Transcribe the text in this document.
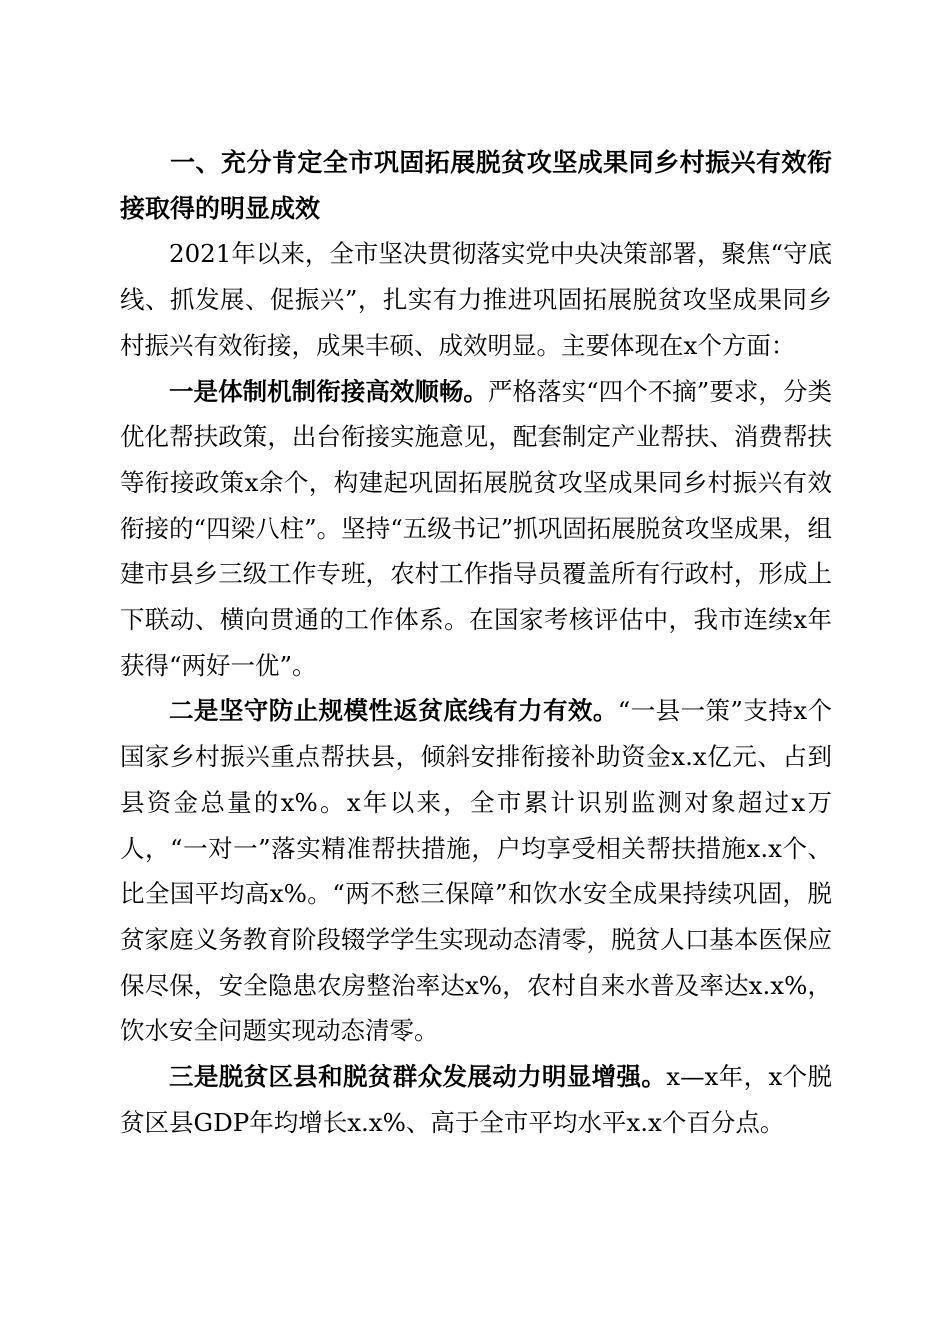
一、充分肯定全市巩固拓展脱贫攻坚成果同乡村振兴有效衔接取得的明显成效

2021年以来，全市坚决贯彻落实党中央决策部署，聚焦“守底线、抓发展、促振兴”，扎实有力推进巩固拓展脱贫攻坚成果同乡村振兴有效衔接，成果丰硕、成效明显。主要体现在x个方面：

一是体制机制衔接高效顺畅。严格落实“四个不摘”要求，分类优化帮扶政策，出台衔接实施意见，配套制定产业帮扶、消费帮扶等衔接政策x余个，构建起巩固拓展脱贫攻坚成果同乡村振兴有效衔接的“四梁八柱”。坚持“五级书记”抓巩固拓展脱贫攻坚成果，组建市县乡三级工作专班，农村工作指导员覆盖所有行政村，形成上下联动、横向贯通的工作体系。在国家考核评估中，我市连续x年获得“两好一优”。

二是坚守防止规模性返贫底线有力有效。“一县一策”支持x个国家乡村振兴重点帮扶县，倾斜安排衔接补助资金x.x亿元、占到县资金总量的x%。x年以来，全市累计识别监测对象超过x万人，“一对一”落实精准帮扶措施，户均享受相关帮扶措施x.x个、比全国平均高x%。“两不愁三保障”和饮水安全成果持续巩固，脱贫家庭义务教育阶段辍学学生实现动态清零，脱贫人口基本医保应保尽保，安全隐患农房整治率达x%，农村自来水普及率达x.x%，饮水安全问题实现动态清零。

三是脱贫区县和脱贫群众发展动力明显增强。x—x年，x个脱贫区县GDP年均增长x.x%、高于全市平均水平x.x个百分点。
